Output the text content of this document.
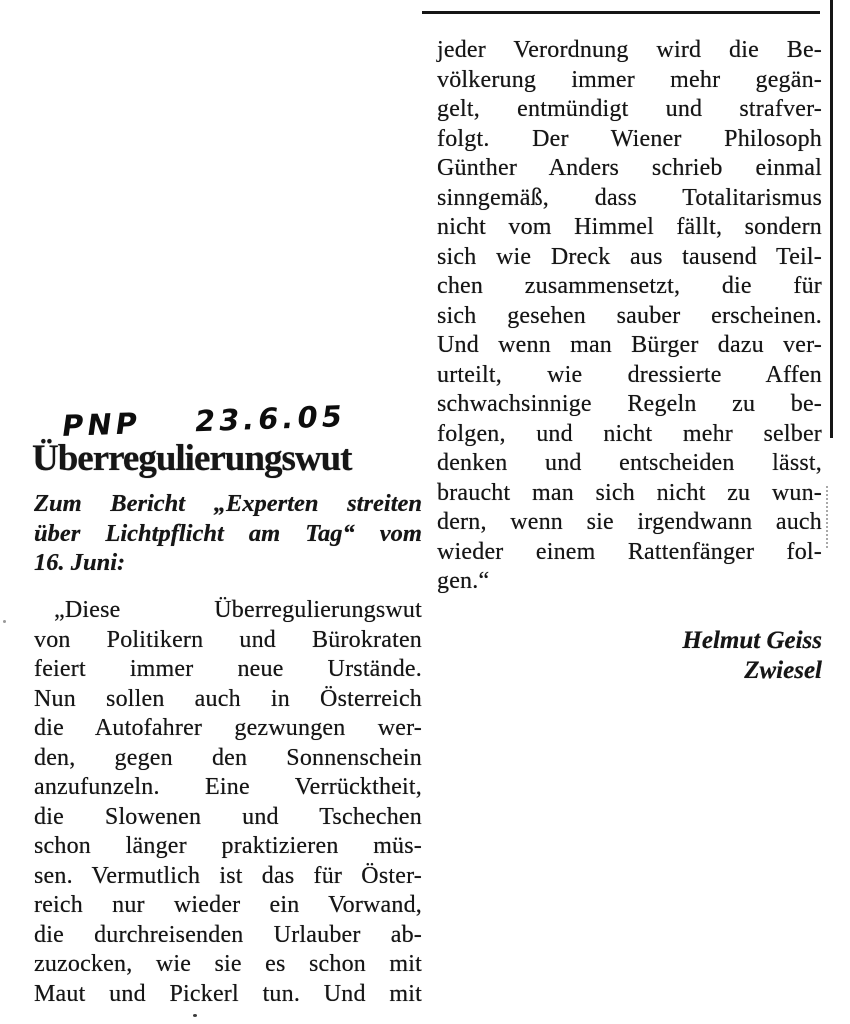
PNP 23.6.05
Überregulierungswut
Zum Bericht „Experten streiten
über Lichtpflicht am Tag“ vom
16. Juni:
„Diese Überregulierungswut
von Politikern und Bürokraten
feiert immer neue Urstände.
Nun sollen auch in Österreich
die Autofahrer gezwungen wer-
den, gegen den Sonnenschein
anzufunzeln. Eine Verrücktheit,
die Slowenen und Tschechen
schon länger praktizieren müs-
sen. Vermutlich ist das für Öster-
reich nur wieder ein Vorwand,
die durchreisenden Urlauber ab-
zuzocken, wie sie es schon mit
Maut und Pickerl tun. Und mit
jeder Verordnung wird die Be-
völkerung immer mehr gegän-
gelt, entmündigt und strafver-
folgt. Der Wiener Philosoph
Günther Anders schrieb einmal
sinngemäß, dass Totalitarismus
nicht vom Himmel fällt, sondern
sich wie Dreck aus tausend Teil-
chen zusammensetzt, die für
sich gesehen sauber erscheinen.
Und wenn man Bürger dazu ver-
urteilt, wie dressierte Affen
schwachsinnige Regeln zu be-
folgen, und nicht mehr selber
denken und entscheiden lässt,
braucht man sich nicht zu wun-
dern, wenn sie irgendwann auch
wieder einem Rattenfänger fol-
gen.“
Helmut Geiss
Zwiesel
